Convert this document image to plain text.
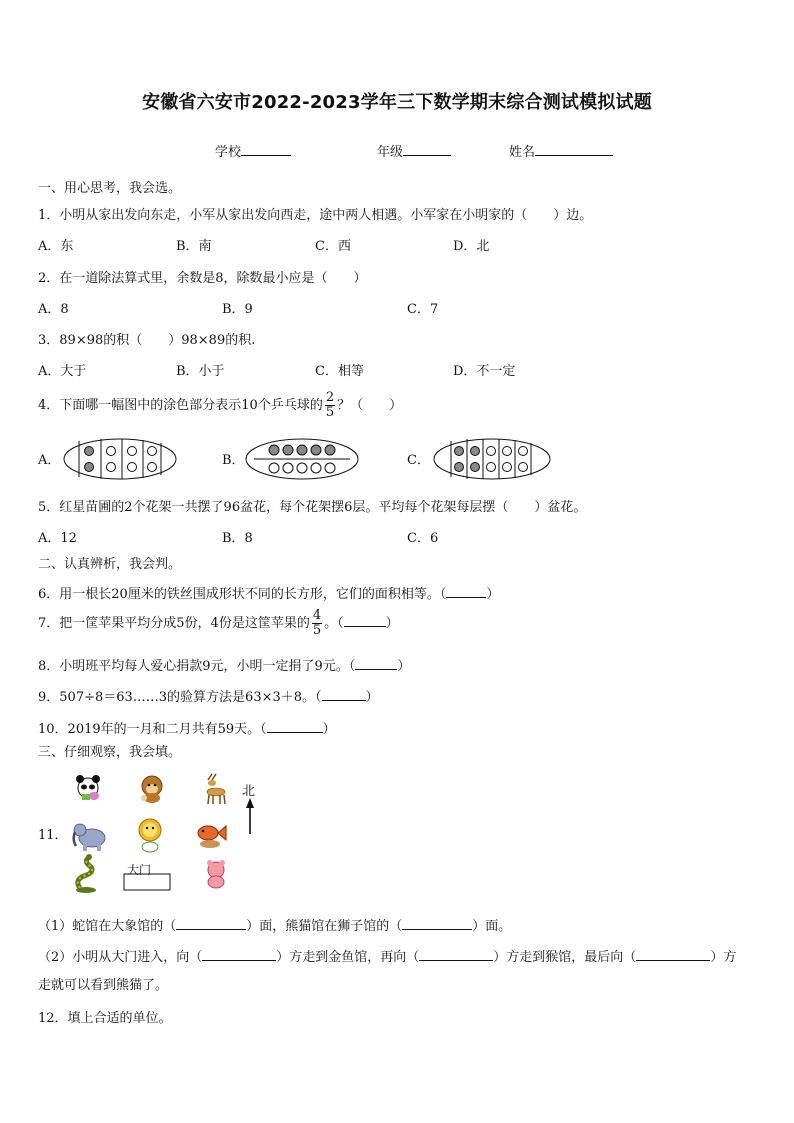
安徽省六安市2022-2023学年三下数学期末综合测试模拟试题
学校	年级	姓名
一、用心思考，我会选。
1．小明从家出发向东走，小军从家出发向西走，途中两人相遇。小军家在小明家的（　　）边。
A．东	B．南	C．西	D．北
2．在一道除法算式里，余数是8，除数最小应是（　　）
A．8	B．9	C．7
3．89×98的积（　　）98×89的积.
A．大于	B．小于	C．相等	D．不一定
4．下面哪一幅图中的涂色部分表示10个乒乓球的 $\frac{2}{5}$ ？（　　）
A．	B．	C．
5．红星苗圃的2个花架一共摆了96盆花，每个花架摆6层。平均每个花架每层摆（　　）盆花。
A．12	B．8	C．6
二、认真辨析，我会判。
6．用一根长20厘米的铁丝围成形状不同的长方形，它们的面积相等。（	）
7．把一筐苹果平均分成5份，4份是这筐苹果的 $\frac{4}{5}$ 。（	）
8．小明班平均每人爱心捐款9元，小明一定捐了9元。（	）
9．507÷8＝63……3的验算方法是63×3＋8。（	）
10．2019年的一月和二月共有59天。（	）
三、仔细观察，我会填。
11．
北
大门
（1）蛇馆在大象馆的（	）面，熊猫馆在狮子馆的（	）面。
（2）小明从大门进入，向（	）方走到金鱼馆，再向（	）方走到猴馆，最后向（	）方
走就可以看到熊猫了。
12．填上合适的单位。
